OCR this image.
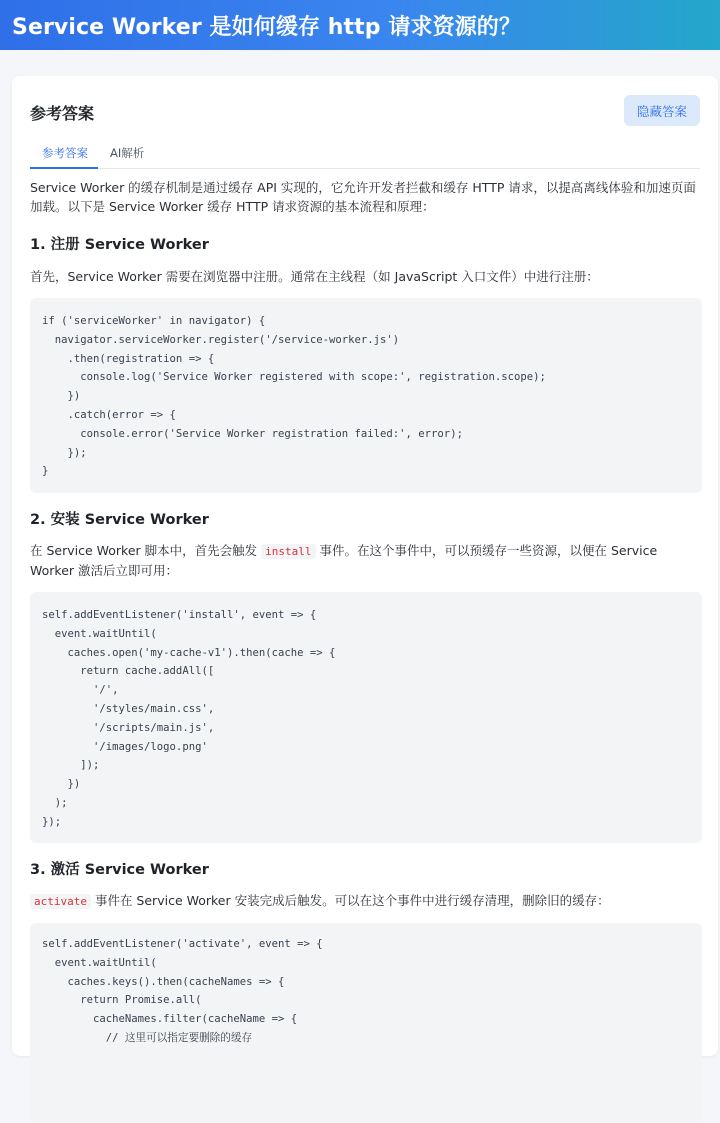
Service Worker 是如何缓存 http 请求资源的？
参考答案	隐藏答案
参考答案 AI解析

Service Worker 的缓存机制是通过缓存 API 实现的，它允许开发者拦截和缓存 HTTP 请求，以提高离线体验和加速页面加载。以下是 Service Worker 缓存 HTTP 请求资源的基本流程和原理：

1. 注册 Service Worker

首先，Service Worker 需要在浏览器中注册。通常在主线程（如 JavaScript 入口文件）中进行注册：

if ('serviceWorker' in navigator) {
navigator.serviceWorker.register('/service-worker.js')
.then(registration => {
console.log('Service Worker registered with scope:', registration.scope);
})
.catch(error => {
console.error('Service Worker registration failed:', error);
});
}
2. 安装 Service Worker

在 Service Worker 脚本中，首先会触发 install 事件。在这个事件中，可以预缓存一些资源，以便在 Service Worker 激活后立即可用：

self.addEventListener('install', event => {
event.waitUntil(
caches.open('my-cache-v1').then(cache => {
return cache.addAll([
'/',
'/styles/main.css',
'/scripts/main.js',
'/images/logo.png'
]);
})
);
});
3. 激活 Service Worker

activate 事件在 Service Worker 安装完成后触发。可以在这个事件中进行缓存清理，删除旧的缓存：

self.addEventListener('activate', event => {
event.waitUntil(
caches.keys().then(cacheNames => {
return Promise.all(
cacheNames.filter(cacheName => {
// 这里可以指定要删除的缓存
